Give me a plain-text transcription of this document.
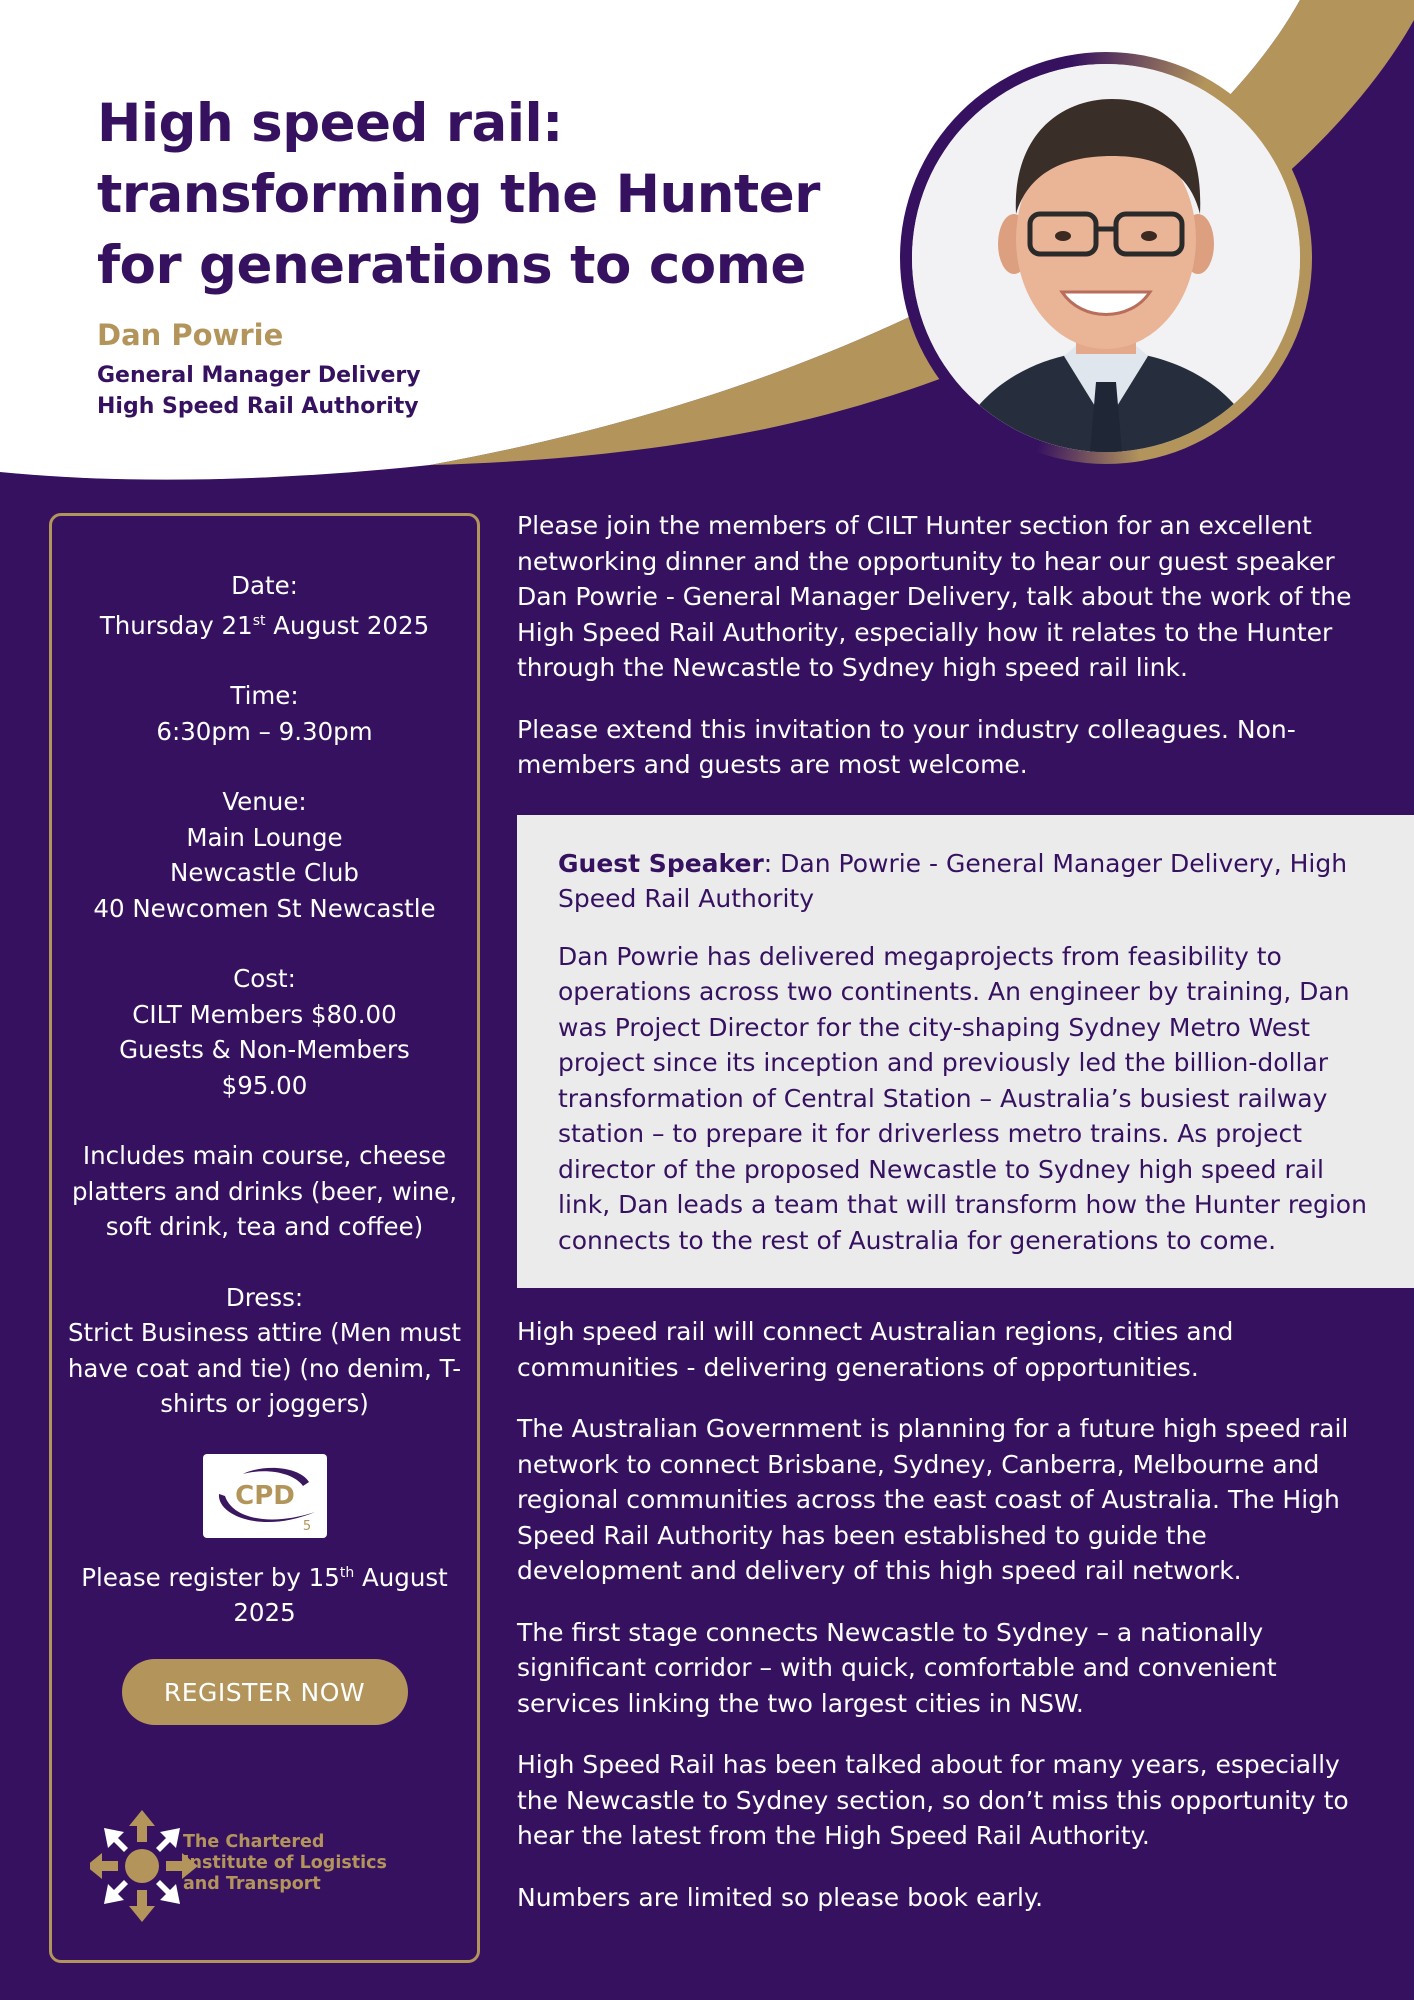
High speed rail: transforming the Hunter for generations to come

Dan Powrie

General Manager Delivery
High Speed Rail Authority

Date:

Thursday 21st August 2025

Time:

6:30pm – 9.30pm

Venue:

Main Lounge

Newcastle Club

40 Newcomen St Newcastle

Cost:

CILT Members $80.00

Guests & Non-Members $95.00

Includes main course, cheese platters and drinks (beer, wine, soft drink, tea and coffee)

Dress:

Strict Business attire (Men must have coat and tie) (no denim, T-shirts or joggers)

CPD
5

Please register by 15th August 2025

REGISTER NOW
The Chartered
Institute of Logistics
and Transport

Please join the members of CILT Hunter section for an excellent networking dinner and the opportunity to hear our guest speaker Dan Powrie - General Manager Delivery, talk about the work of the High Speed Rail Authority, especially how it relates to the Hunter through the Newcastle to Sydney high speed rail link.

Please extend this invitation to your industry colleagues. Non-members and guests are most welcome.

Guest Speaker: Dan Powrie - General Manager Delivery, High Speed Rail Authority

Dan Powrie has delivered megaprojects from feasibility to operations across two continents. An engineer by training, Dan was Project Director for the city-shaping Sydney Metro West project since its inception and previously led the billion-dollar transformation of Central Station – Australia’s busiest railway station – to prepare it for driverless metro trains. As project director of the proposed Newcastle to Sydney high speed rail link, Dan leads a team that will transform how the Hunter region connects to the rest of Australia for generations to come.

High speed rail will connect Australian regions, cities and communities - delivering generations of opportunities.

The Australian Government is planning for a future high speed rail network to connect Brisbane, Sydney, Canberra, Melbourne and regional communities across the east coast of Australia. The High Speed Rail Authority has been established to guide the development and delivery of this high speed rail network.

The first stage connects Newcastle to Sydney – a nationally significant corridor – with quick, comfortable and convenient services linking the two largest cities in NSW.

High Speed Rail has been talked about for many years, especially the Newcastle to Sydney section, so don’t miss this opportunity to hear the latest from the High Speed Rail Authority.

Numbers are limited so please book early.
